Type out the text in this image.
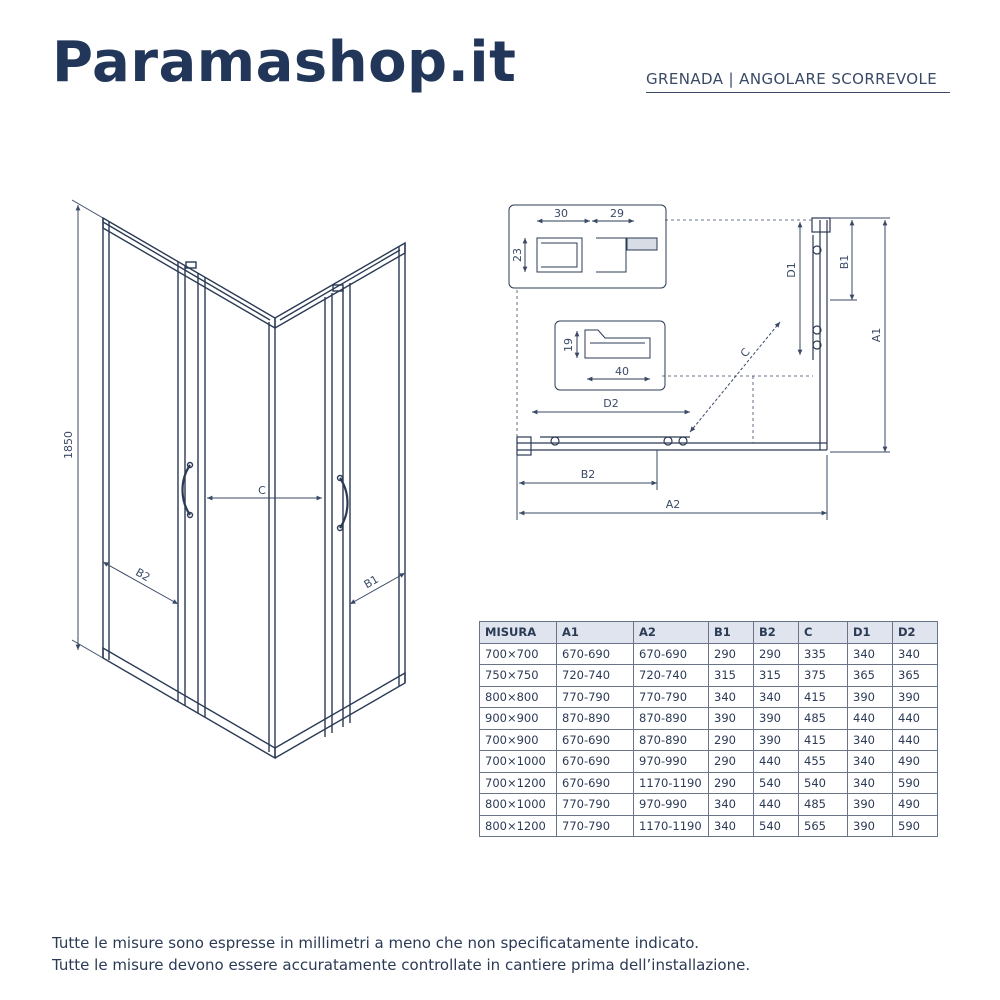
Paramashop.it	GRENADA | ANGOLARE SCORREVOLE
1850
C
B2	B1
A1
B1
D1
A2
B2
D2
C
30	29
23
19
40
MISURA	A1	A2	B1	B2	C	D1	D2
700×700	670-690	670-690	290	290	335	340	340
750×750	720-740	720-740	315	315	375	365	365
800×800	770-790	770-790	340	340	415	390	390
900×900	870-890	870-890	390	390	485	440	440
700×900	670-690	870-890	290	390	415	340	440
700×1000	670-690	970-990	290	440	455	340	490
700×1200	670-690	1170-1190	290	540	540	340	590
800×1000	770-790	970-990	340	440	485	390	490
800×1200	770-790	1170-1190	340	540	565	390	590
Tutte le misure sono espresse in millimetri a meno che non specificatamente indicato.
Tutte le misure devono essere accuratamente controllate in cantiere prima dell’installazione.
